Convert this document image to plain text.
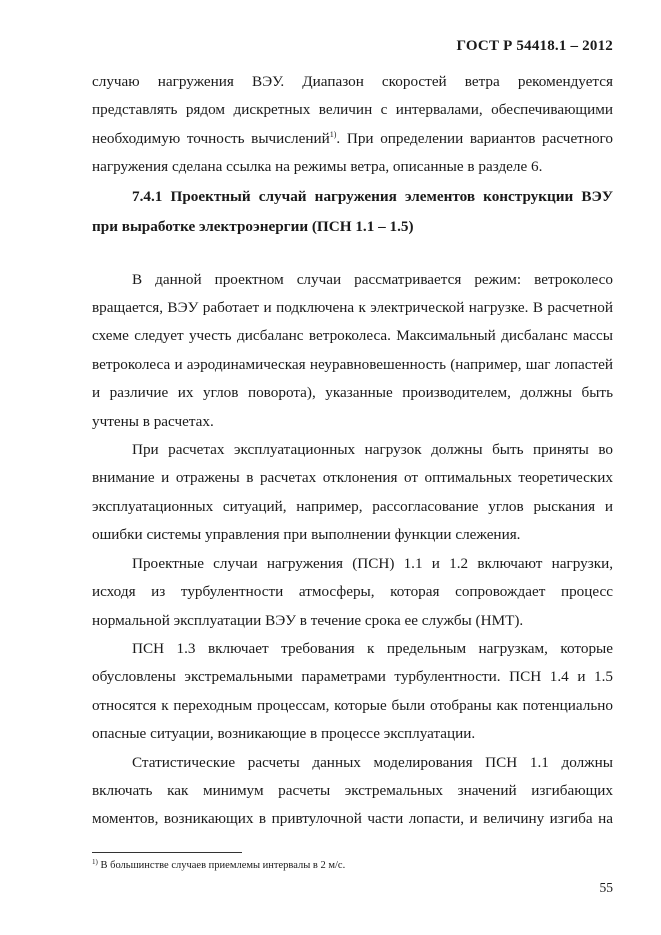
ГОСТ Р 54418.1 – 2012

случаю нагружения ВЭУ. Диапазон скоростей ветра рекомендуется представлять рядом дискретных величин с интервалами, обеспечивающими необходимую точность вычислений$^{1)}$. При определении вариантов расчетного нагружения сделана ссылка на режимы ветра, описанные в разделе 6.

7.4.1 Проектный случай нагружения элементов конструкции ВЭУ при выработке электроэнергии (ПСН 1.1 – 1.5)

В данной проектном случаи рассматривается режим: ветроколесо вращается, ВЭУ работает и подключена к электрической нагрузке. В расчетной схеме следует учесть дисбаланс ветроколеса. Максимальный дисбаланс массы ветроколеса и аэродинамическая неуравновешенность (например, шаг лопастей и различие их углов поворота), указанные производителем, должны быть учтены в расчетах.

При расчетах эксплуатационных нагрузок должны быть приняты во внимание и отражены в расчетах отклонения от оптимальных теоретических эксплуатационных ситуаций, например, рассогласование углов рыскания и ошибки системы управления при выполнении функции слежения.

Проектные случаи нагружения (ПСН) 1.1 и 1.2 включают нагрузки, исходя из турбулентности атмосферы, которая сопровождает процесс нормальной эксплуатации ВЭУ в течение срока ее службы (НМТ).

ПСН 1.3 включает требования к предельным нагрузкам, которые обусловлены экстремальными параметрами турбулентности. ПСН 1.4 и 1.5 относятся к переходным процессам, которые были отобраны как потенциально опасные ситуации, возникающие в процессе эксплуатации.

Статистические расчеты данных моделирования ПСН 1.1 должны включать как минимум расчеты экстремальных значений изгибающих моментов, возникающих в привтулочной части лопасти, и величину изгиба на

$^{1)}$ В большинстве случаев приемлемы интервалы в 2 м/с.
55
